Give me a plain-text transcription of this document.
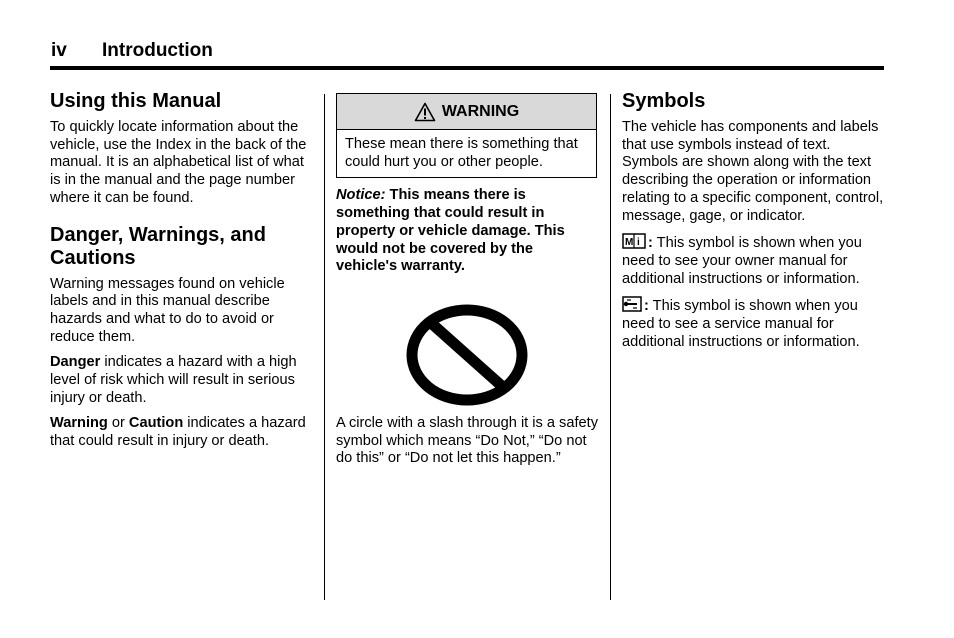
iv Introduction
Using this Manual

To quickly locate information about the vehicle, use the Index in the back of the manual. It is an alphabetical list of what is in the manual and the page number where it can be found.

Danger, Warnings, and Cautions

Warning messages found on vehicle labels and in this manual describe hazards and what to do to avoid or reduce them.

Danger indicates a hazard with a high level of risk which will result in serious injury or death.

Warning or Caution indicates a hazard that could result in injury or death.

WARNING

These mean there is something that could hurt you or other people.

Notice: This means there is something that could result in property or vehicle damage. This would not be covered by the vehicle's warranty.

A circle with a slash through it is a safety symbol which means “Do Not,” “Do not do this” or “Do not let this happen.”

Symbols

The vehicle has components and labels that use symbols instead of text. Symbols are shown along with the text describing the operation or information relating to a specific component, control, message, gage, or indicator.

M i : This symbol is shown when you need to see your owner manual for additional instructions or information.

: This symbol is shown when you need to see a service manual for additional instructions or information.
